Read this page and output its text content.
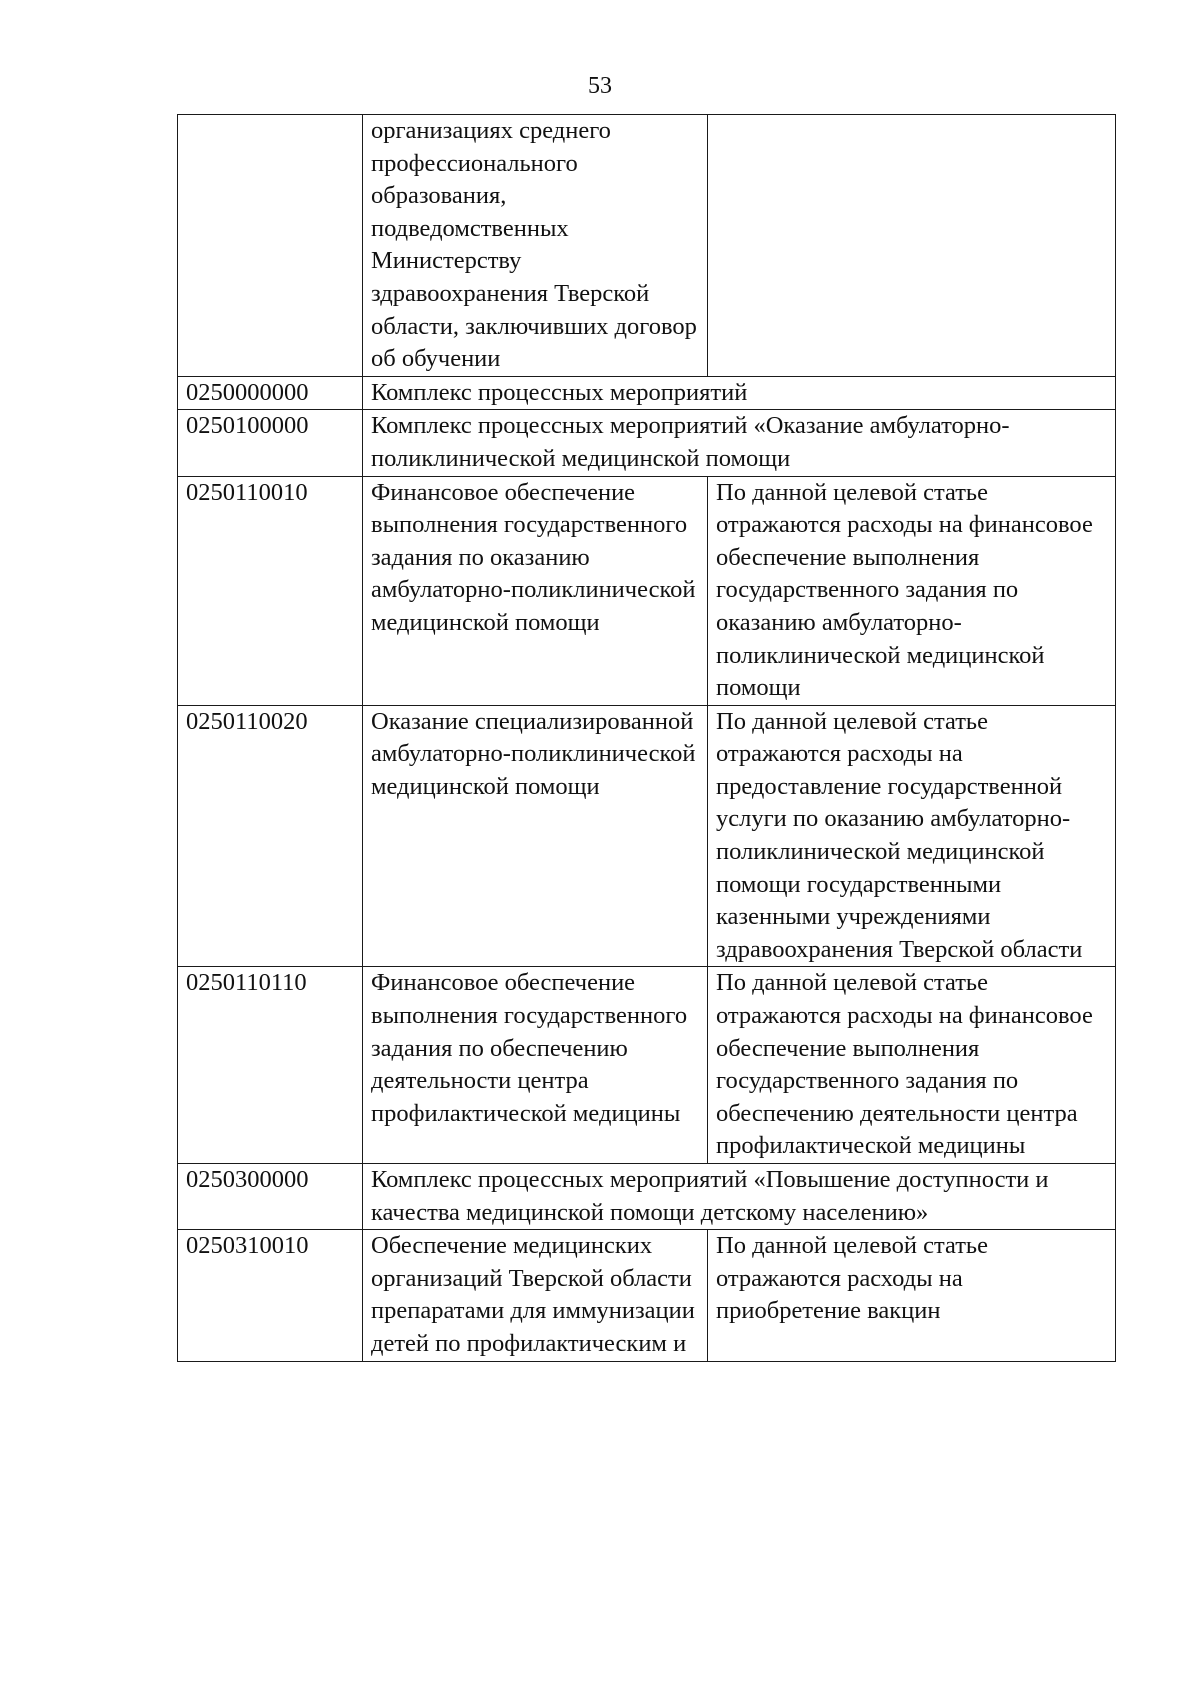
53
	организациях среднего профессионального образования, подведомственных Министерству здравоохранения Тверской области, заключивших договор об обучении	
0250000000	Комплекс процессных мероприятий	
0250100000	Комплекс процессных мероприятий «Оказание амбулаторно-поликлинической медицинской помощи	
0250110010	Финансовое обеспечение выполнения государственного задания по оказанию амбулаторно-поликлинической медицинской помощи	По данной целевой статье отражаются расходы на финансовое обеспечение выполнения государственного задания по оказанию амбулаторно-поликлинической медицинской помощи
0250110020	Оказание специализированной амбулаторно-поликлинической медицинской помощи	По данной целевой статье отражаются расходы на предоставление государственной услуги по оказанию амбулаторно-поликлинической медицинской помощи государственными казенными учреждениями здравоохранения Тверской области
0250110110	Финансовое обеспечение выполнения государственного задания по обеспечению деятельности центра профилактической медицины	По данной целевой статье отражаются расходы на финансовое обеспечение выполнения государственного задания по обеспечению деятельности центра профилактической медицины
0250300000	Комплекс процессных мероприятий «Повышение доступности и качества медицинской помощи детскому населению»	
0250310010	Обеспечение медицинских организаций Тверской области препаратами для иммунизации детей по профилактическим и	По данной целевой статье отражаются расходы на приобретение вакцин
